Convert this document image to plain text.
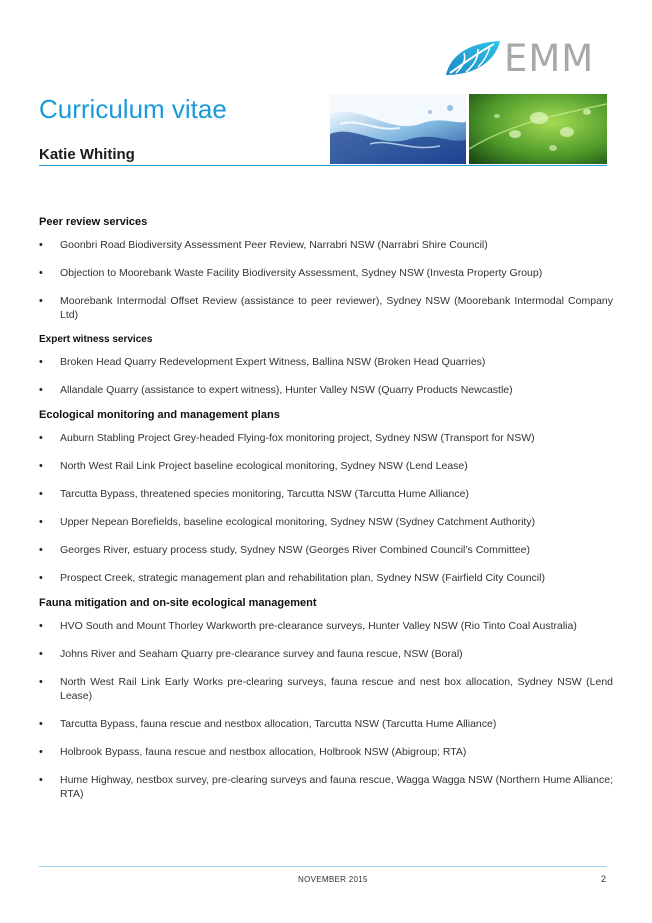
EMM
Curriculum vitae
Katie Whiting
Peer review services
• Goonbri Road Biodiversity Assessment Peer Review, Narrabri NSW (Narrabri Shire Council)
• Objection to Moorebank Waste Facility Biodiversity Assessment, Sydney NSW (Investa Property Group)
• Moorebank Intermodal Offset Review (assistance to peer reviewer), Sydney NSW (Moorebank Intermodal Company Ltd)
Expert witness services
• Broken Head Quarry Redevelopment Expert Witness, Ballina NSW (Broken Head Quarries)
• Allandale Quarry (assistance to expert witness), Hunter Valley NSW (Quarry Products Newcastle)
Ecological monitoring and management plans
• Auburn Stabling Project Grey-headed Flying-fox monitoring project, Sydney NSW (Transport for NSW)
• North West Rail Link Project baseline ecological monitoring, Sydney NSW (Lend Lease)
• Tarcutta Bypass, threatened species monitoring, Tarcutta NSW (Tarcutta Hume Alliance)
• Upper Nepean Borefields, baseline ecological monitoring, Sydney NSW (Sydney Catchment Authority)
• Georges River, estuary process study, Sydney NSW (Georges River Combined Council’s Committee)
• Prospect Creek, strategic management plan and rehabilitation plan, Sydney NSW (Fairfield City Council)
Fauna mitigation and on-site ecological management
• HVO South and Mount Thorley Warkworth pre-clearance surveys, Hunter Valley NSW (Rio Tinto Coal Australia)
• Johns River and Seaham Quarry pre-clearance survey and fauna rescue, NSW (Boral)
• North West Rail Link Early Works pre-clearing surveys, fauna rescue and nest box allocation, Sydney NSW (Lend Lease)
• Tarcutta Bypass, fauna rescue and nestbox allocation, Tarcutta NSW (Tarcutta Hume Alliance)
• Holbrook Bypass, fauna rescue and nestbox allocation, Holbrook NSW (Abigroup; RTA)
• Hume Highway, nestbox survey, pre-clearing surveys and fauna rescue, Wagga Wagga NSW (Northern Hume Alliance; RTA)
NOVEMBER 2015	2
